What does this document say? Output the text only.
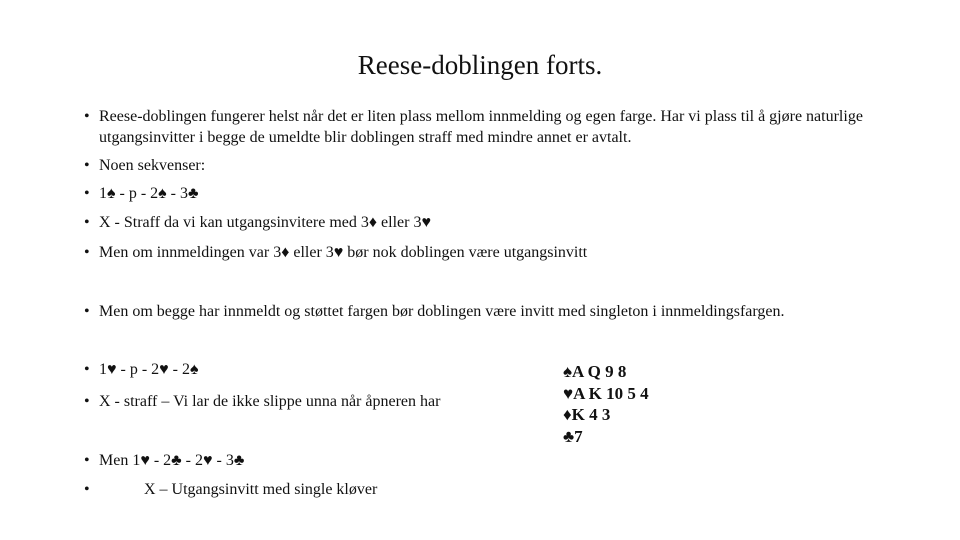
Reese-doblingen forts.
• Reese-doblingen fungerer helst når det er liten plass mellom innmelding og egen farge. Har vi plass til å gjøre naturlige utgangsinvitter i begge de umeldte blir doblingen straff med mindre annet er avtalt.
• Noen sekvenser:
• 1♠ - p - 2♠ - 3♣
• X - Straff da vi kan utgangsinvitere med 3♦ eller 3♥
• Men om innmeldingen var 3♦ eller 3♥ bør nok doblingen være utgangsinvitt
• Men om begge har innmeldt og støttet fargen bør doblingen være invitt med singleton i innmeldingsfargen.
• 1♥ - p - 2♥ - 2♠
• X - straff – Vi lar de ikke slippe unna når åpneren har
• Men 1♥ - 2♣ - 2♥ - 3♣
•	X – Utgangsinvitt med single kløver
♠A Q 9 8
♥A K 10 5 4
♦K 4 3
♣7
